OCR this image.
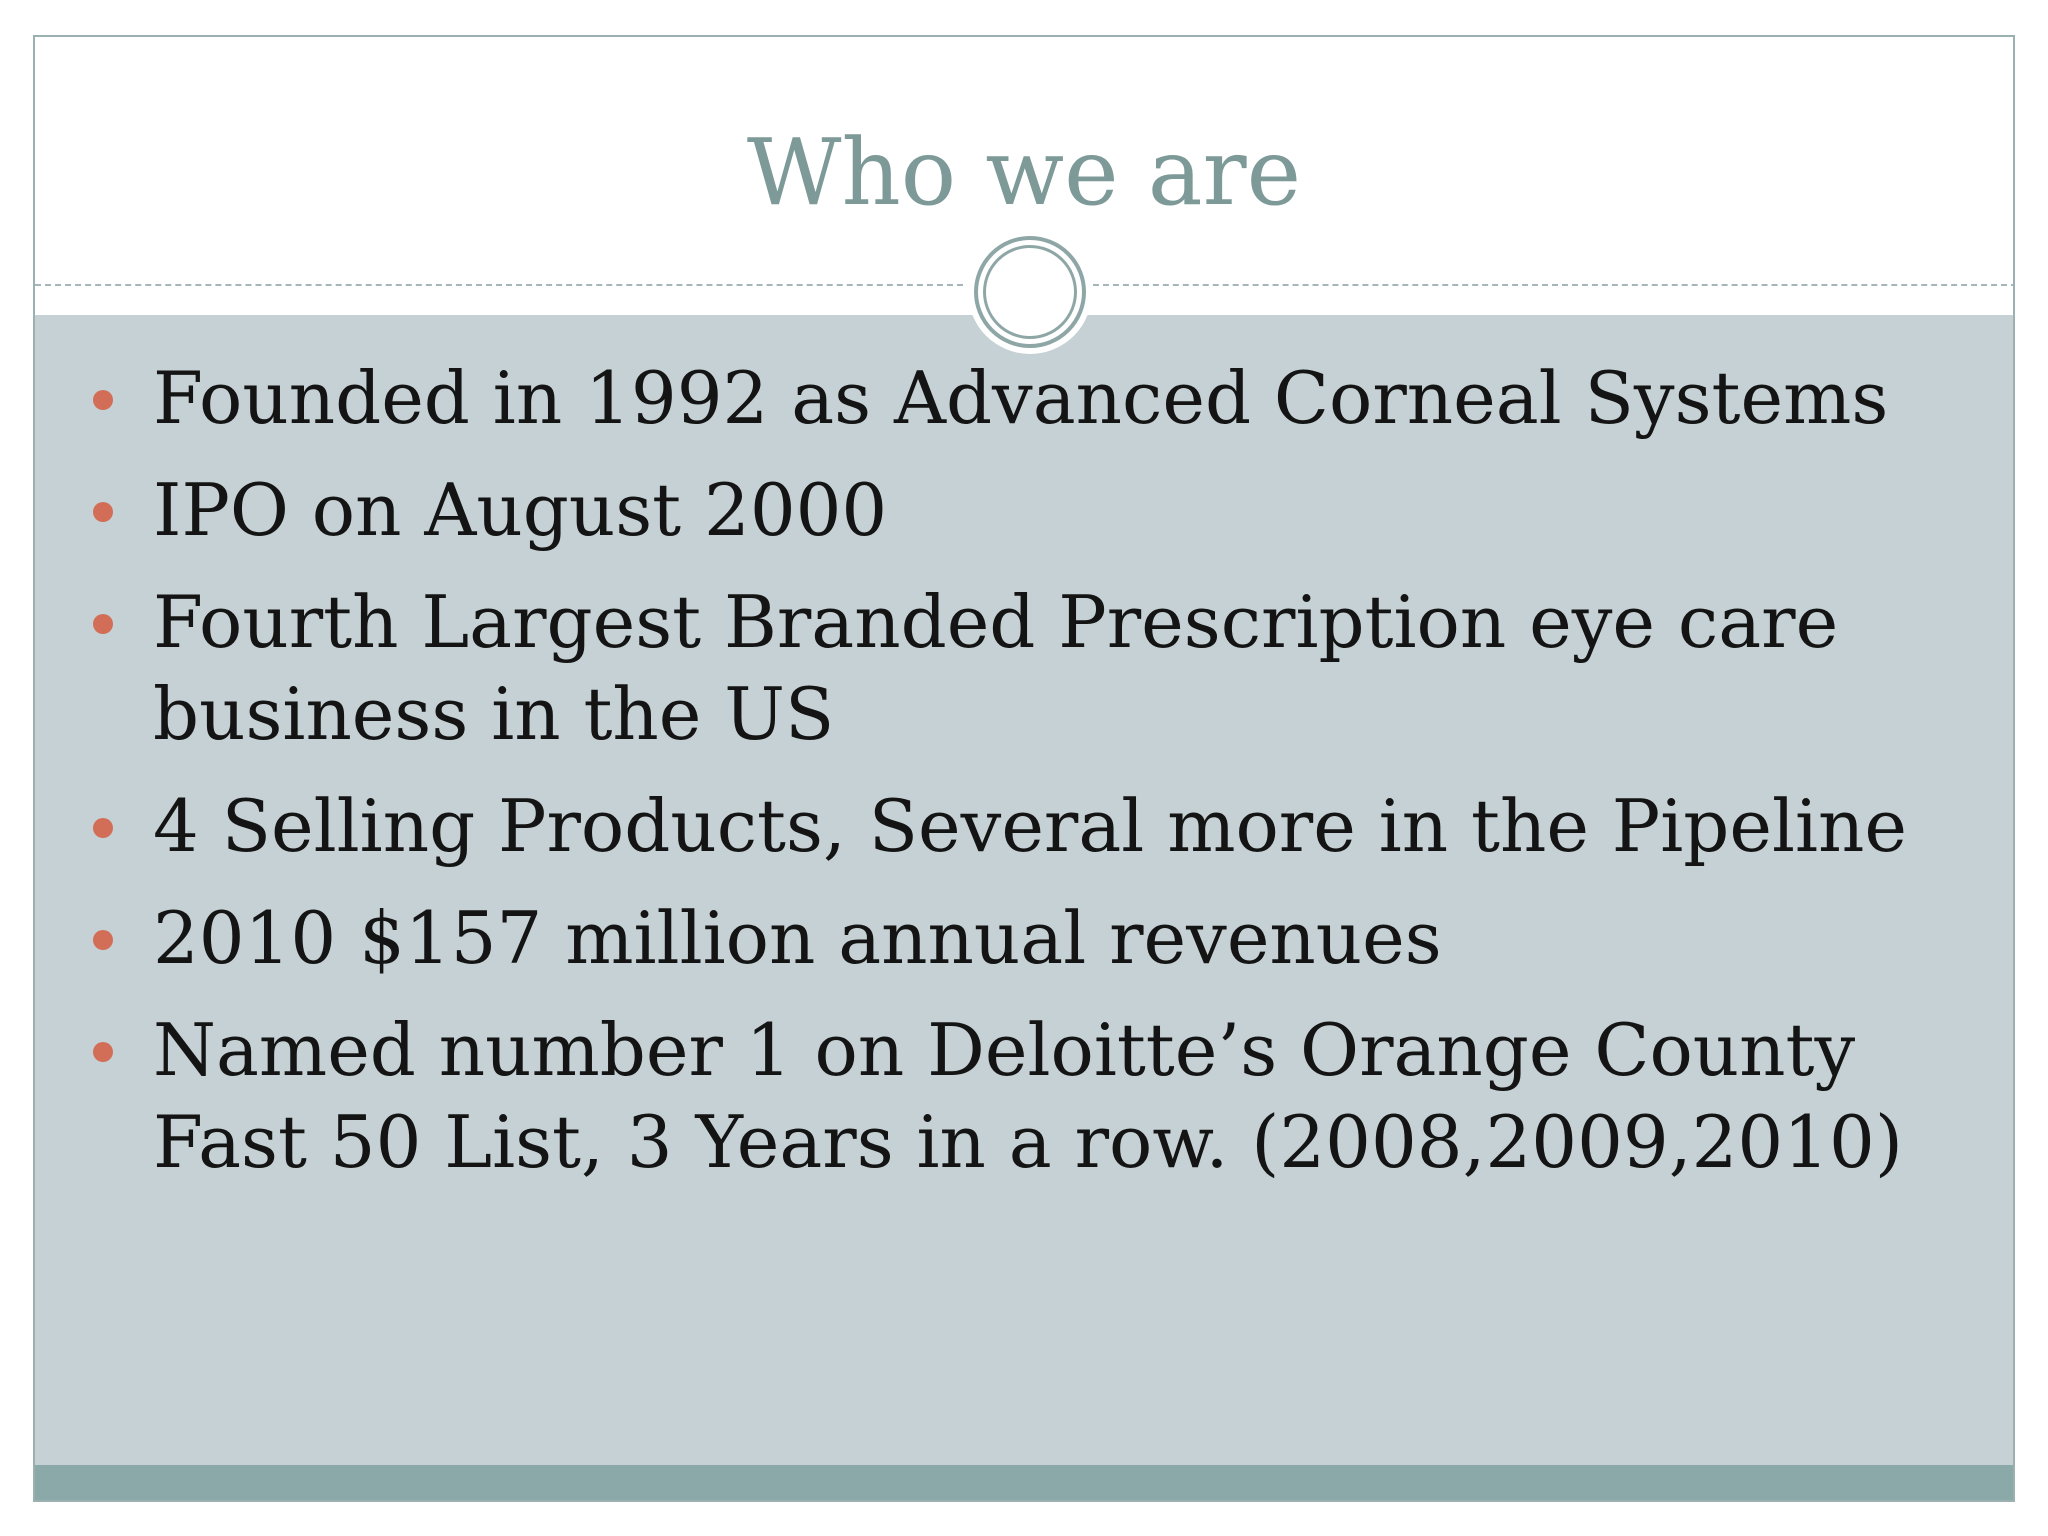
Who we are
Founded in 1992 as Advanced Corneal Systems
IPO on August 2000
Fourth Largest Branded Prescription eye care business in the US
4 Selling Products, Several more in the Pipeline
2010 $157 million annual revenues
Named number 1 on Deloitte’s Orange County Fast 50 List, 3 Years in a row. (2008,2009,2010)
